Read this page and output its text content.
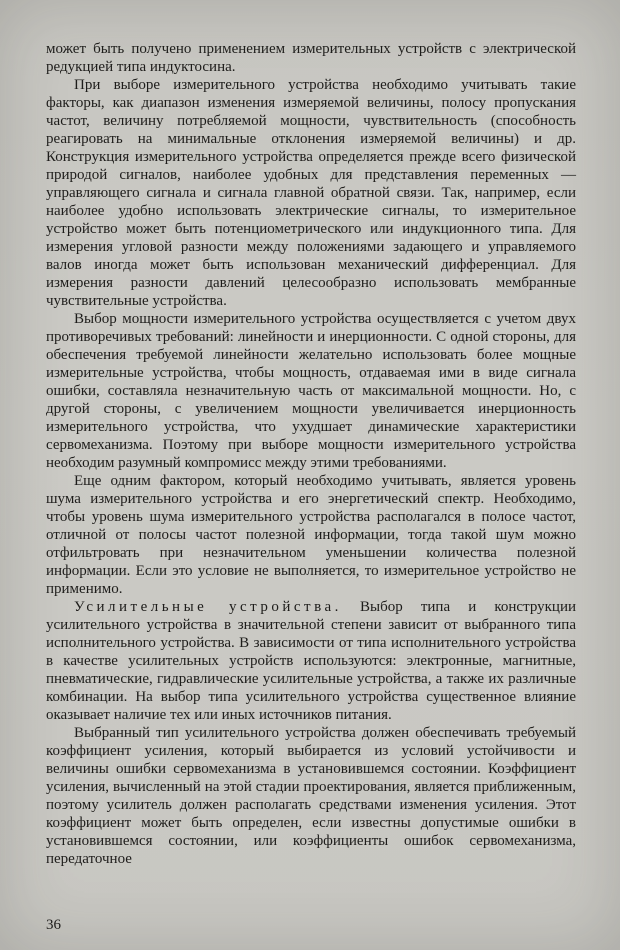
может быть получено применением измерительных устройств с электрической редукцией типа индуктосина.

При выборе измерительного устройства необходимо учитывать такие факторы, как диапазон изменения измеряемой величины, полосу пропускания частот, величину потребляемой мощности, чувствительность (способность реагировать на минимальные отклонения измеряемой величины) и др. Конструкция измерительного устройства определяется прежде всего физической природой сигналов, наиболее удобных для представления переменных — управляющего сигнала и сигнала главной обратной связи. Так, например, если наиболее удобно использовать электрические сигналы, то измерительное устройство может быть потенциометрического или индукционного типа. Для измерения угловой разности между положениями задающего и управляемого валов иногда может быть использован механический дифференциал. Для измерения разности давлений целесообразно использовать мембранные чувствительные устройства.

Выбор мощности измерительного устройства осуществляется с учетом двух противоречивых требований: линейности и инерционности. С одной стороны, для обеспечения требуемой линейности желательно использовать более мощные измерительные устройства, чтобы мощность, отдаваемая ими в виде сигнала ошибки, составляла незначительную часть от максимальной мощности. Но, с другой стороны, с увеличением мощности увеличивается инерционность измерительного устройства, что ухудшает динамические характеристики сервомеханизма. Поэтому при выборе мощности измерительного устройства необходим разумный компромисс между этими требованиями.

Еще одним фактором, который необходимо учитывать, является уровень шума измерительного устройства и его энергетический спектр. Необходимо, чтобы уровень шума измерительного устройства располагался в полосе частот, отличной от полосы частот полезной информации, тогда такой шум можно отфильтровать при незначительном уменьшении количества полезной информации. Если это условие не выполняется, то измерительное устройство не применимо.

Усилительные устройства. Выбор типа и конструкции усилительного устройства в значительной степени зависит от выбранного типа исполнительного устройства. В зависимости от типа исполнительного устройства в качестве усилительных устройств используются: электронные, магнитные, пневматические, гидравлические усилительные устройства, а также их различные комбинации. На выбор типа усилительного устройства существенное влияние оказывает наличие тех или иных источников питания.

Выбранный тип усилительного устройства должен обеспечивать требуемый коэффициент усиления, который выбирается из условий устойчивости и величины ошибки сервомеханизма в установившемся состоянии. Коэффициент усиления, вычисленный на этой стадии проектирования, является приближенным, поэтому усилитель должен располагать средствами изменения усиления. Этот коэффициент может быть определен, если известны допустимые ошибки в установившемся состоянии, или коэффициенты ошибок сервомеханизма, передаточное

36
